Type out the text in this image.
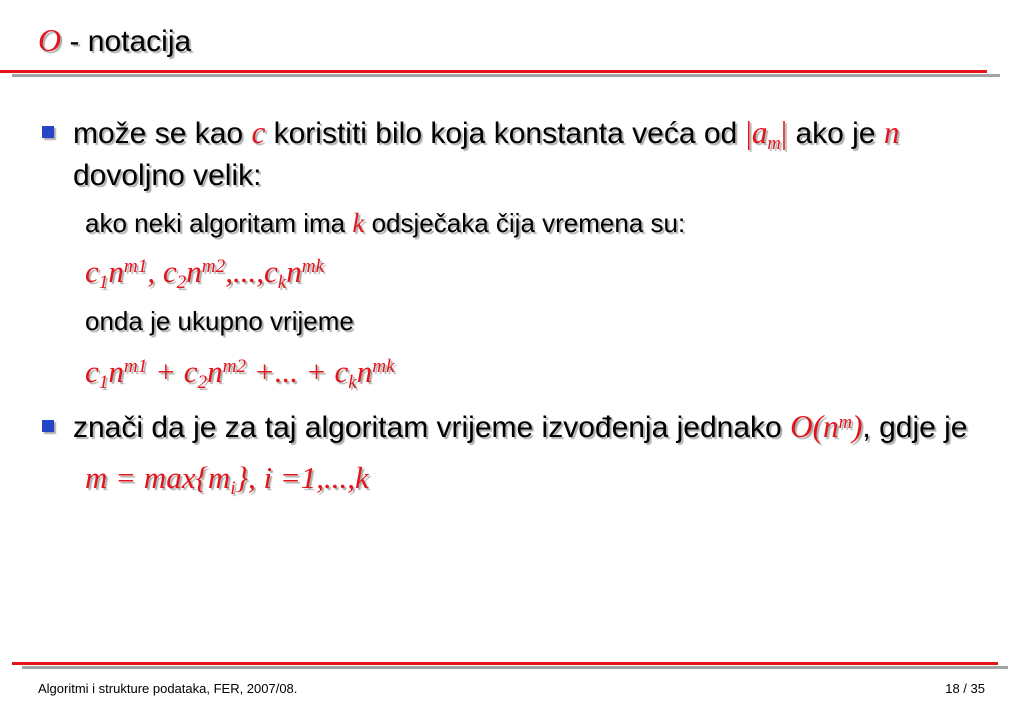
O - notacija
može se kao c koristiti bilo koja konstanta veća od |am| ako je n
dovoljno velik:
ako neki algoritam ima k odsječaka čija vremena su:
$c1n^{m1}$, $c2n^{m2},...,ckn^{mk}$
onda je ukupno vrijeme
$c1n^{m1} + c2n^{m2}$ +... + ckn$^{mk}$
znači da je za taj algoritam vrijeme izvođenja jednako $O(n^m)$, gdje je
m = max{mi}, i =1,...,k
Algoritmi i strukture podataka, FER, 2007/08.	18 / 35
